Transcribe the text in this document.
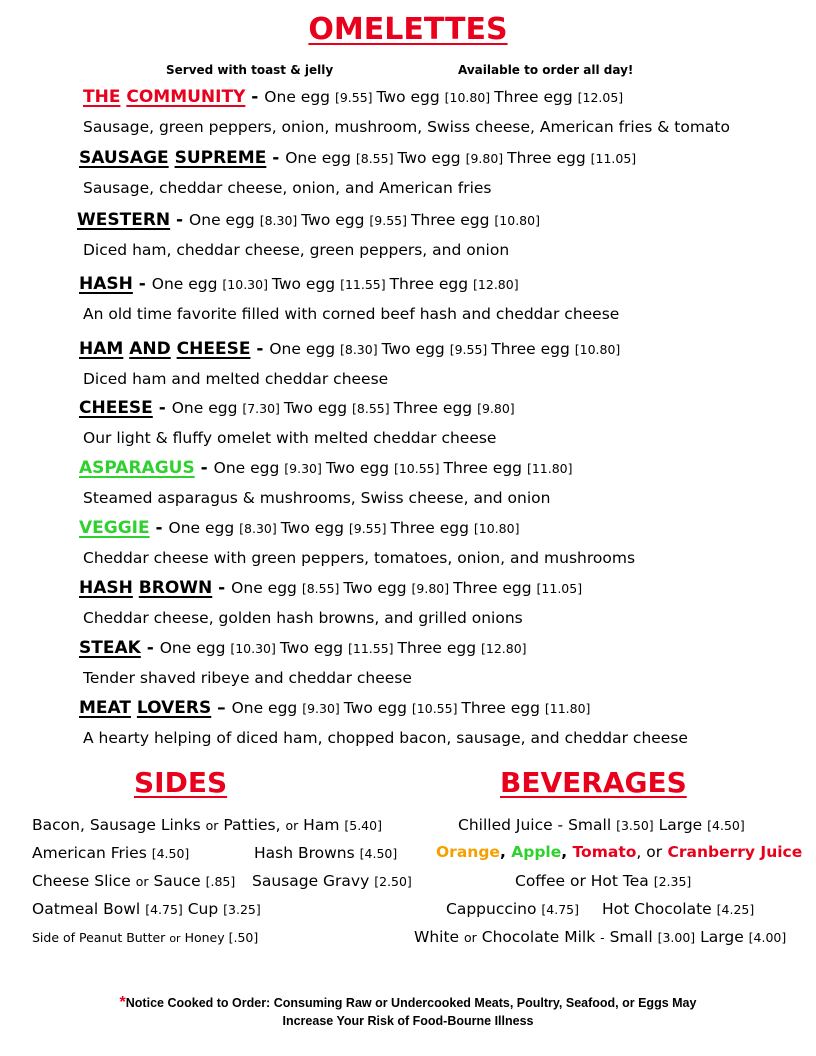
OMELETTES
Served with toast & jelly	Available to order all day!
THE COMMUNITY - One egg [9.55] Two egg [10.80] Three egg [12.05]
Sausage, green peppers, onion, mushroom, Swiss cheese, American fries & tomato
SAUSAGE SUPREME - One egg [8.55] Two egg [9.80] Three egg [11.05]
Sausage, cheddar cheese, onion, and American fries
WESTERN - One egg [8.30] Two egg [9.55] Three egg [10.80]
Diced ham, cheddar cheese, green peppers, and onion
HASH - One egg [10.30] Two egg [11.55] Three egg [12.80]
An old time favorite filled with corned beef hash and cheddar cheese
HAM AND CHEESE - One egg [8.30] Two egg [9.55] Three egg [10.80]
Diced ham and melted cheddar cheese
CHEESE - One egg [7.30] Two egg [8.55] Three egg [9.80]
Our light & fluffy omelet with melted cheddar cheese
ASPARAGUS - One egg [9.30] Two egg [10.55] Three egg [11.80]
Steamed asparagus & mushrooms, Swiss cheese, and onion
VEGGIE - One egg [8.30] Two egg [9.55] Three egg [10.80]
Cheddar cheese with green peppers, tomatoes, onion, and mushrooms
HASH BROWN - One egg [8.55] Two egg [9.80] Three egg [11.05]
Cheddar cheese, golden hash browns, and grilled onions
STEAK - One egg [10.30] Two egg [11.55] Three egg [12.80]
Tender shaved ribeye and cheddar cheese
MEAT LOVERS – One egg [9.30] Two egg [10.55] Three egg [11.80]
A hearty helping of diced ham, chopped bacon, sausage, and cheddar cheese
SIDES
Bacon, Sausage Links or Patties, or Ham [5.40]
American Fries [4.50]	Hash Browns [4.50]
Cheese Slice or Sauce [.85] Sausage Gravy [2.50]
Oatmeal Bowl [4.75] Cup [3.25]
Side of Peanut Butter or Honey [.50]
BEVERAGES
Chilled Juice - Small [3.50] Large [4.50]
Orange, Apple, Tomato, or Cranberry Juice
Coffee or Hot Tea [2.35]
Cappuccino [4.75] Hot Chocolate [4.25]
White or Chocolate Milk - Small [3.00] Large [4.00]
*Notice Cooked to Order: Consuming Raw or Undercooked Meats, Poultry, Seafood, or Eggs May
Increase Your Risk of Food-Bourne Illness
